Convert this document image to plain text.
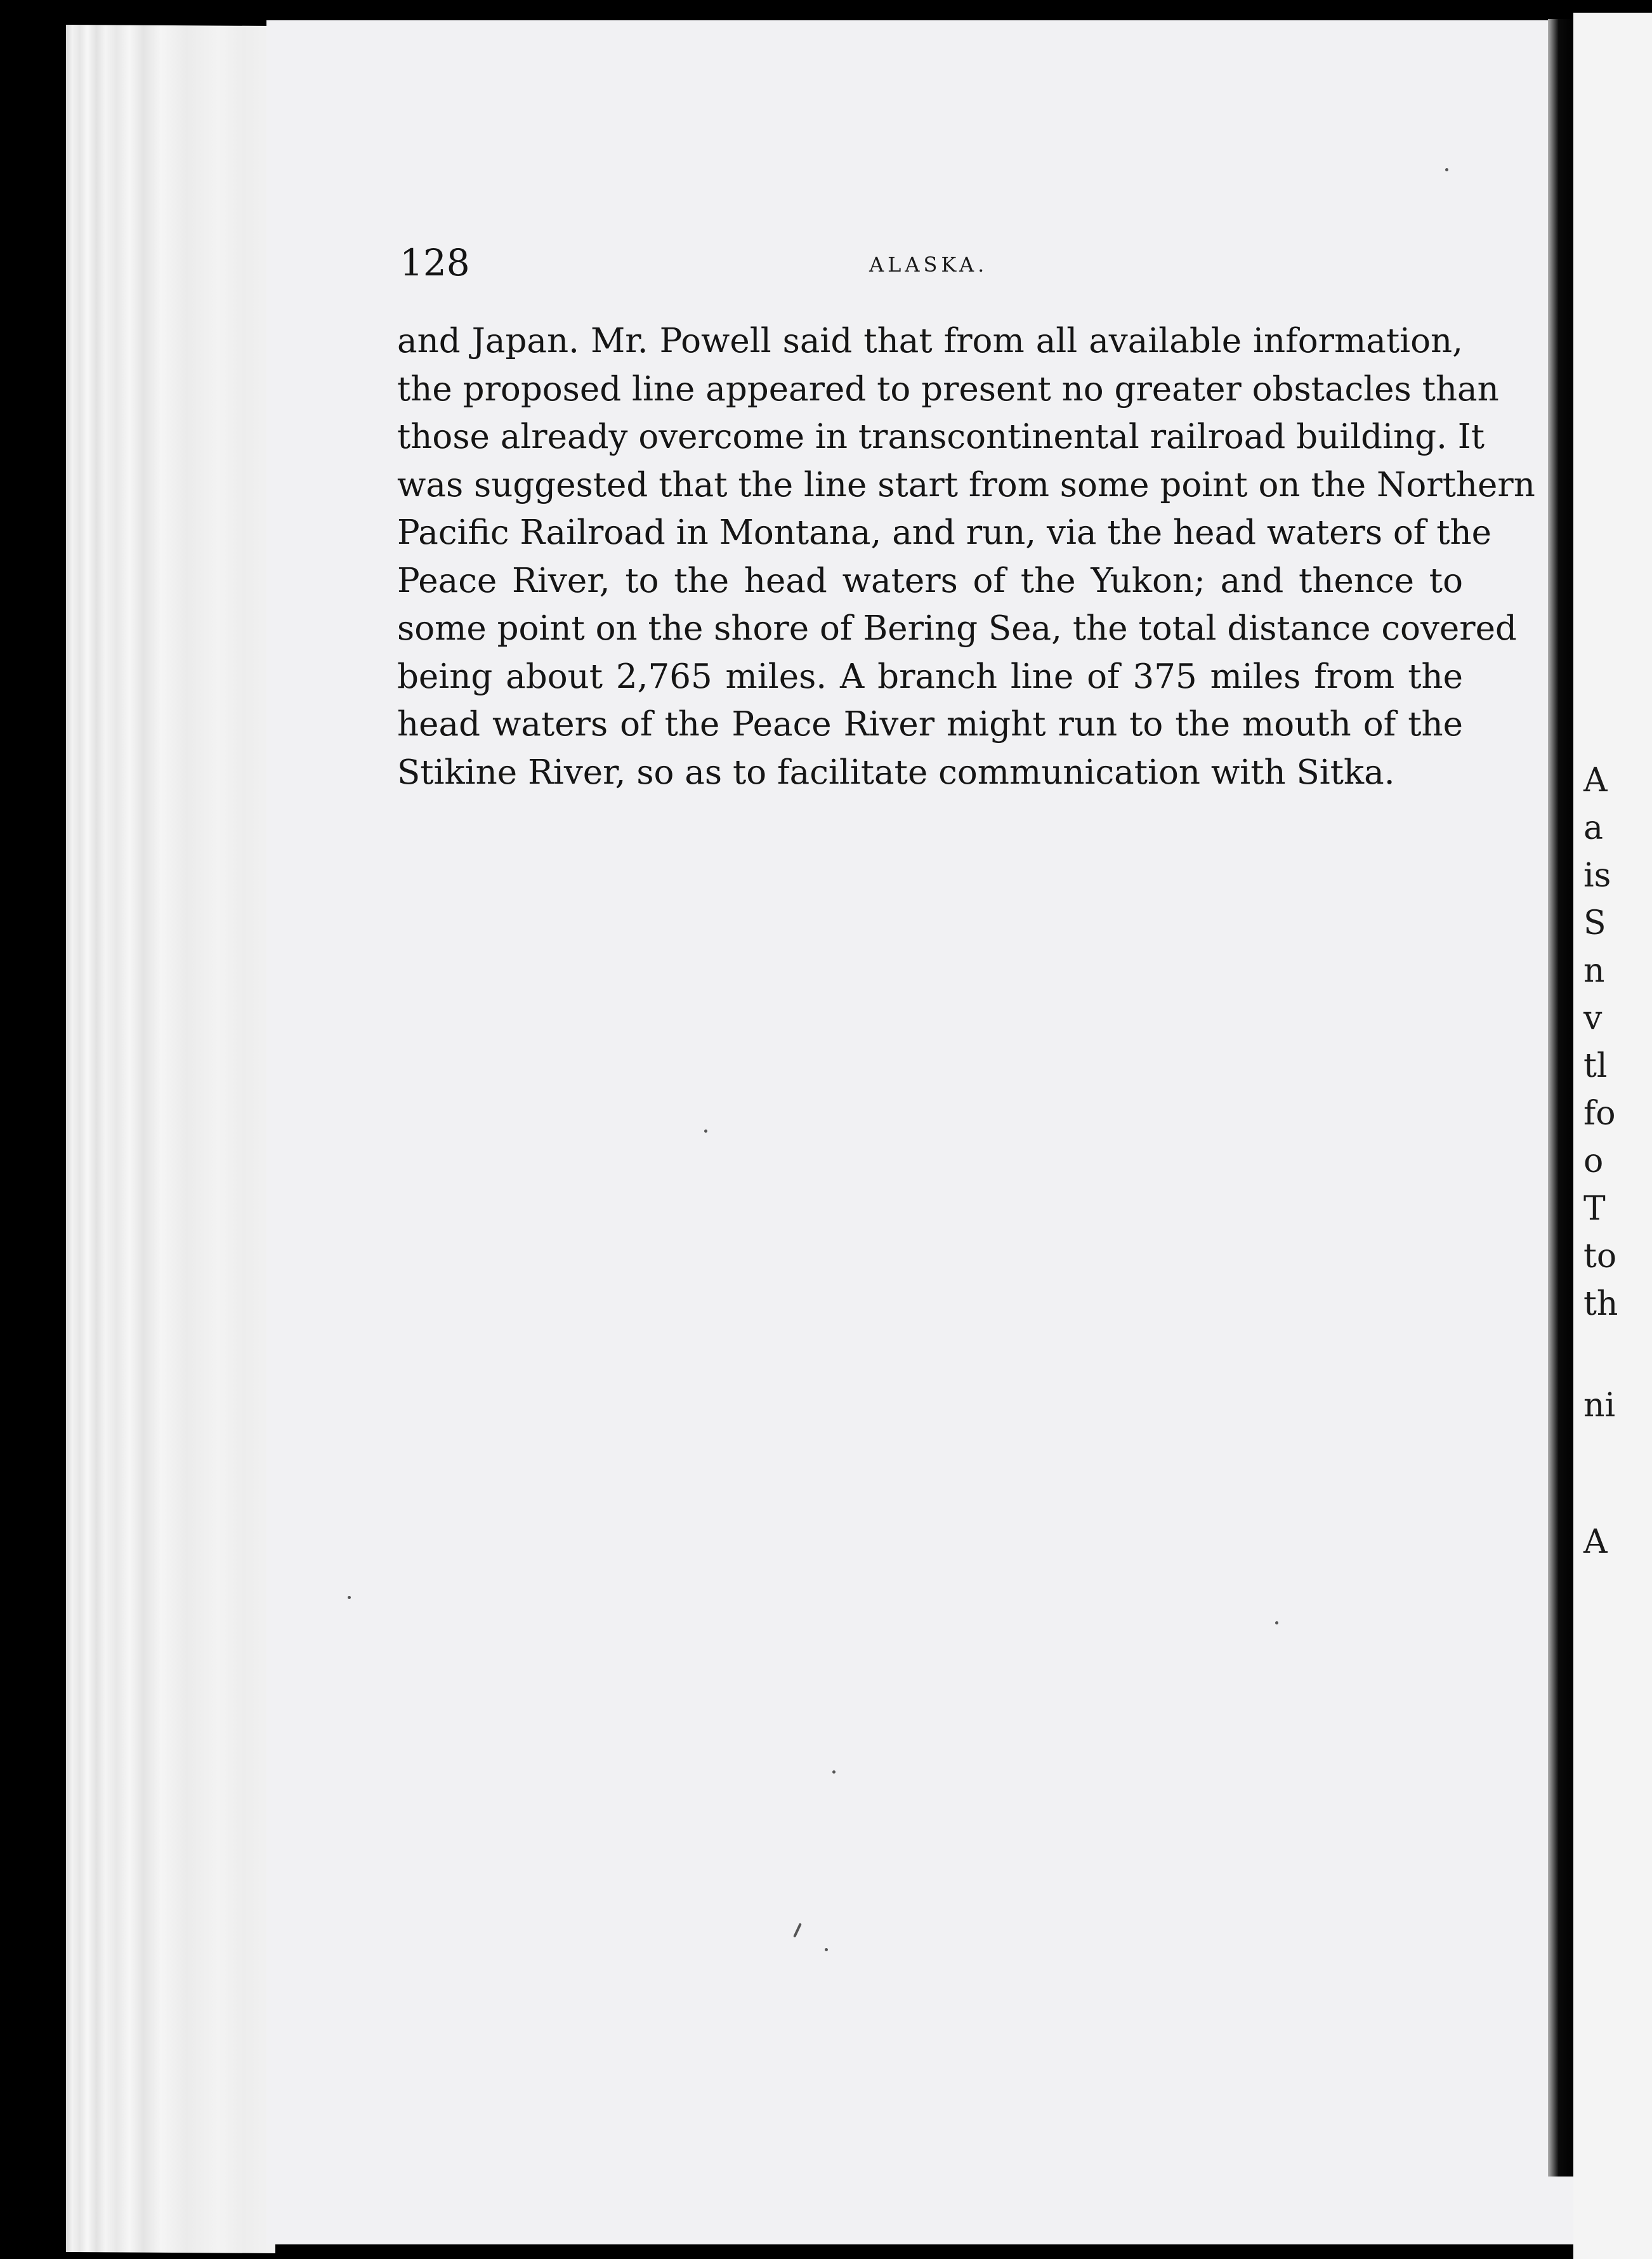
128	ALASKA.
and Japan. Mr. Powell said that from all available information,
the proposed line appeared to present no greater obstacles than
those already overcome in transcontinental railroad building. It
was suggested that the line start from some point on the Northern
Pacific Railroad in Montana, and run, via the head waters of the
Peace River, to the head waters of the Yukon; and thence to
some point on the shore of Bering Sea, the total distance covered
being about 2,765 miles. A branch line of 375 miles from the
head waters of the Peace River might run to the mouth of the
Stikine River, so as to facilitate communication with Sitka.	A
a
is
S
n
v
tl
fo
o
T
to
th
ni
A
